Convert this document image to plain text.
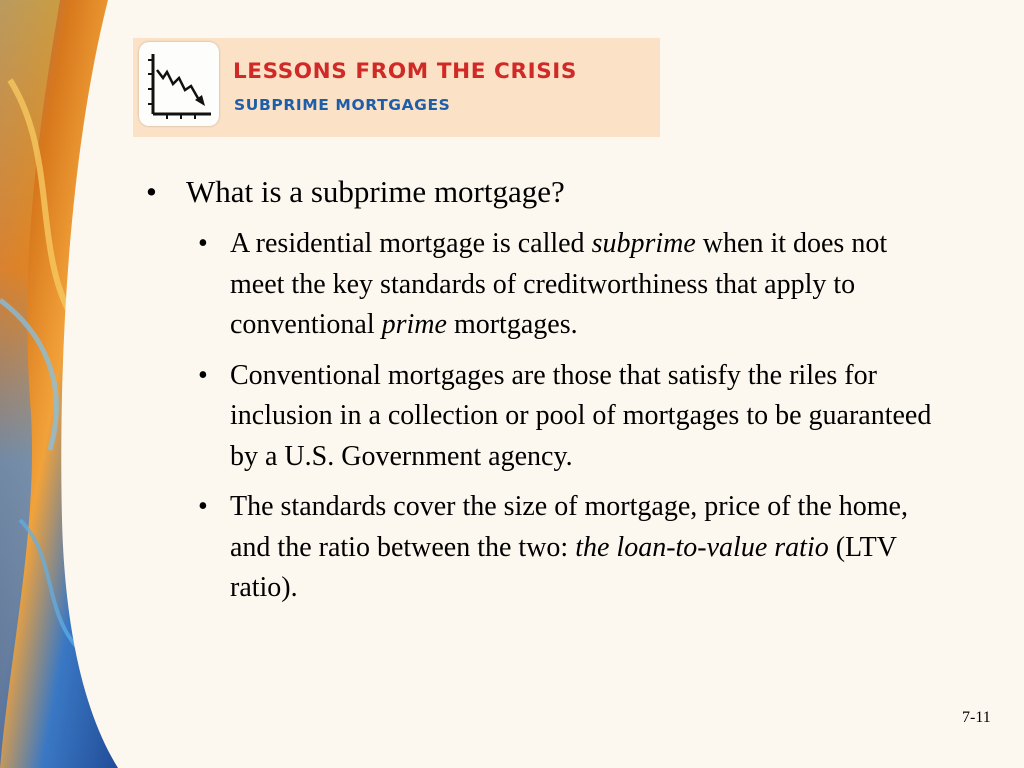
LESSONS FROM THE CRISIS
SUBPRIME MORTGAGES
• What is a subprime mortgage?
• A residential mortgage is called subprime when it does not meet the key standards of creditworthiness that apply to conventional prime mortgages.
• Conventional mortgages are those that satisfy the riles for inclusion in a collection or pool of mortgages to be guaranteed by a U.S. Government agency.
• The standards cover the size of mortgage, price of the home, and the ratio between the two: the loan-to-value ratio (LTV ratio).
7-11
